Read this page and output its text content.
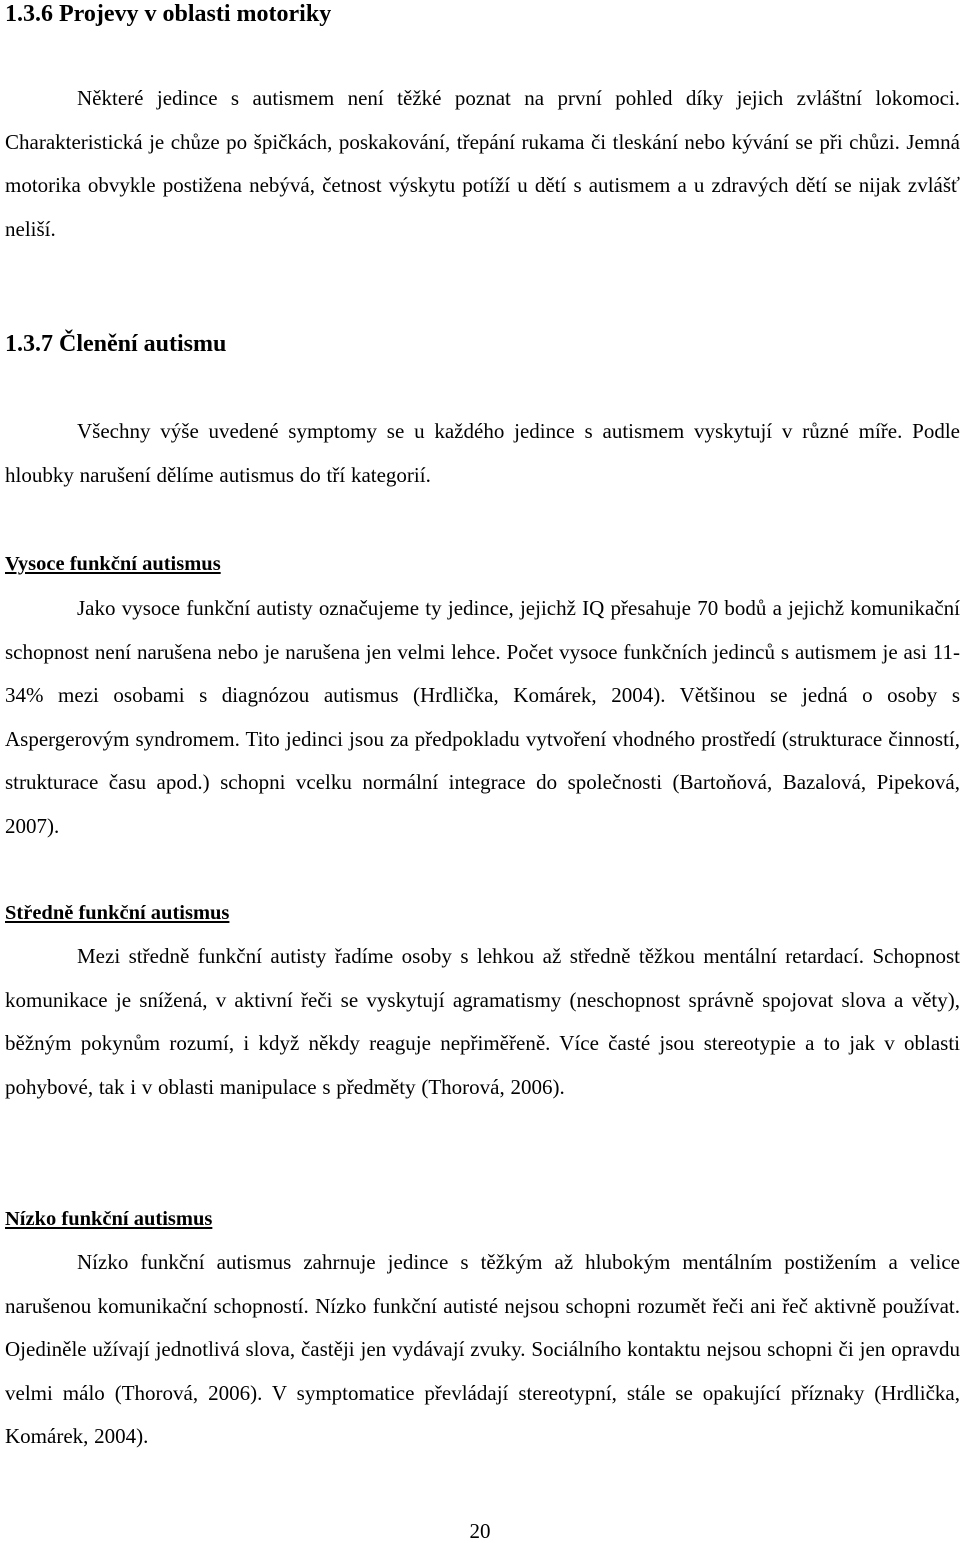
1.3.6 Projevy v oblasti motoriky

Některé jedince s autismem není těžké poznat na první pohled díky jejich zvláštní lokomoci. Charakteristická je chůze po špičkách, poskakování, třepání rukama či tleskání nebo kývání se při chůzi. Jemná motorika obvykle postižena nebývá, četnost výskytu potíží u dětí s autismem a u zdravých dětí se nijak zvlášť neliší.

1.3.7 Členění autismu

Všechny výše uvedené symptomy se u každého jedince s autismem vyskytují v různé míře. Podle hloubky narušení dělíme autismus do tří kategorií.

Vysoce funkční autismus

Jako vysoce funkční autisty označujeme ty jedince, jejichž IQ přesahuje 70 bodů a jejichž komunikační schopnost není narušena nebo je narušena jen velmi lehce. Počet vysoce funkčních jedinců s autismem je asi 11-34% mezi osobami s diagnózou autismus (Hrdlička, Komárek, 2004). Většinou se jedná o osoby s Aspergerovým syndromem. Tito jedinci jsou za předpokladu vytvoření vhodného prostředí (strukturace činností, strukturace času apod.) schopni vcelku normální integrace do společnosti (Bartoňová, Bazalová, Pipeková, 2007).

Středně funkční autismus

Mezi středně funkční autisty řadíme osoby s lehkou až středně těžkou mentální retardací. Schopnost komunikace je snížená, v aktivní řeči se vyskytují agramatismy (neschopnost správně spojovat slova a věty), běžným pokynům rozumí, i když někdy reaguje nepřiměřeně. Více časté jsou stereotypie a to jak v oblasti pohybové, tak i v oblasti manipulace s předměty (Thorová, 2006).

Nízko funkční autismus

Nízko funkční autismus zahrnuje jedince s těžkým až hlubokým mentálním postižením a velice narušenou komunikační schopností. Nízko funkční autisté nejsou schopni rozumět řeči ani řeč aktivně používat. Ojediněle užívají jednotlivá slova, častěji jen vydávají zvuky. Sociálního kontaktu nejsou schopni či jen opravdu velmi málo (Thorová, 2006). V symptomatice převládají stereotypní, stále se opakující příznaky (Hrdlička, Komárek, 2004).

20
